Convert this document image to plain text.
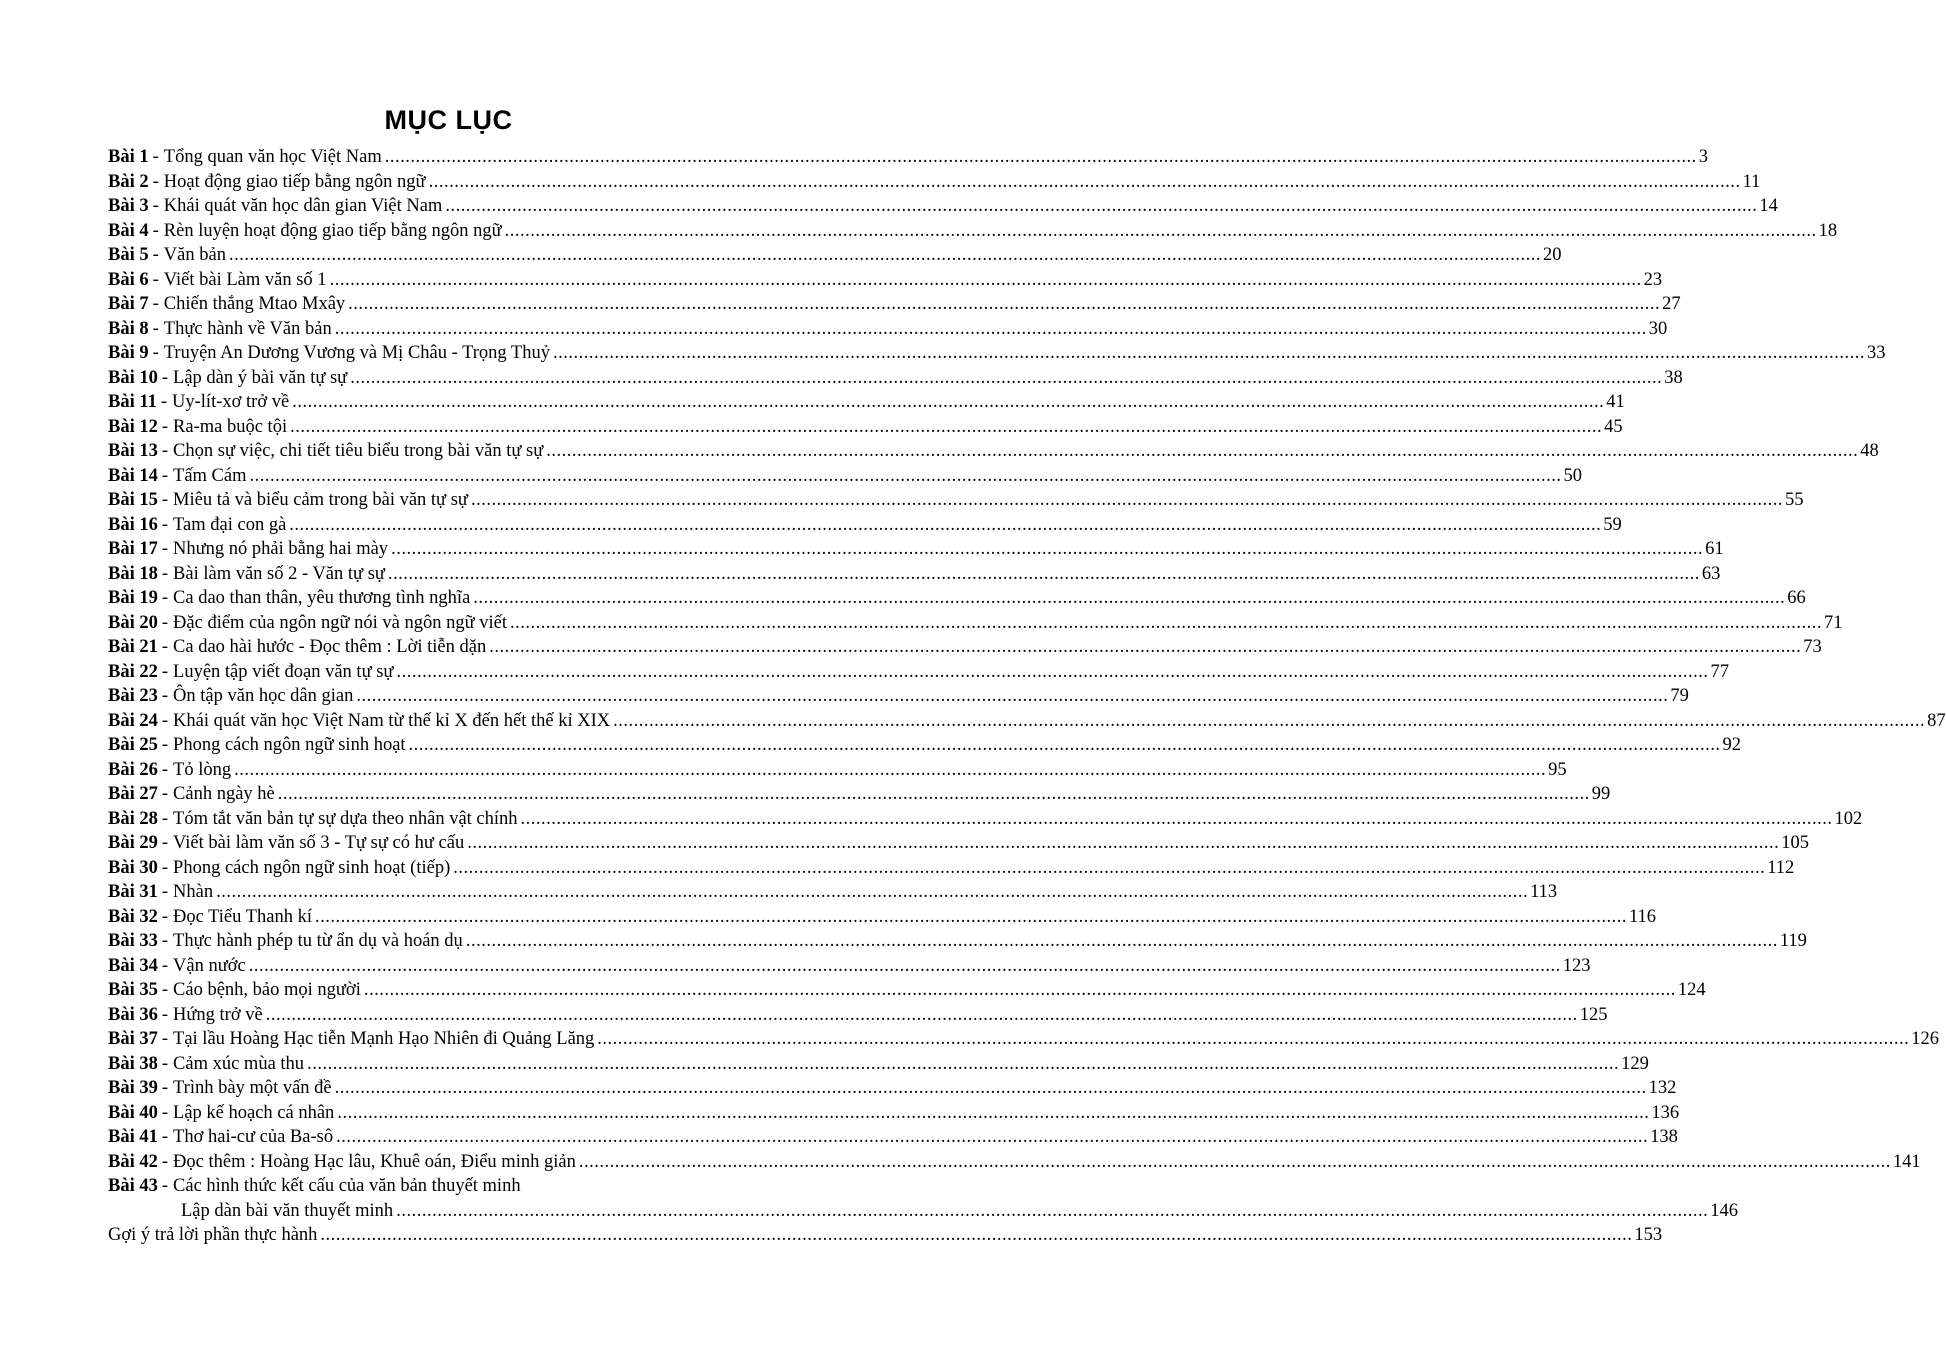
MỤC LỤC
Bài 1 - Tổng quan văn học Việt Nam .....	3
Bài 2 - Hoạt động giao tiếp bằng ngôn ngữ .....	11
Bài 3 - Khái quát văn học dân gian Việt Nam .....	14
Bài 4 - Rèn luyện hoạt động giao tiếp bằng ngôn ngữ .....	18
Bài 5 - Văn bản .....	20
Bài 6 - Viết bài Làm văn số 1 .....	23
Bài 7 - Chiến thắng Mtao Mxây .....	27
Bài 8 - Thực hành về Văn bản .....	30
Bài 9 - Truyện An Dương Vương và Mị Châu - Trọng Thuỷ .....	33
Bài 10 - Lập dàn ý bài văn tự sự .....	38
Bài 11 - Uy-lít-xơ trở về .....	41
Bài 12 - Ra-ma buộc tội .....	45
Bài 13 - Chọn sự việc, chi tiết tiêu biểu trong bài văn tự sự .....	48
Bài 14 - Tấm Cám .....	50
Bài 15 - Miêu tả và biểu cảm trong bài văn tự sự .....	55
Bài 16 - Tam đại con gà .....	59
Bài 17 - Nhưng nó phải bằng hai mày .....	61
Bài 18 - Bài làm văn số 2 - Văn tự sự .....	63
Bài 19 - Ca dao than thân, yêu thương tình nghĩa .....	66
Bài 20 - Đặc điểm của ngôn ngữ nói và ngôn ngữ viết .....	71
Bài 21 - Ca dao hài hước - Đọc thêm : Lời tiễn dặn .....	73
Bài 22 - Luyện tập viết đoạn văn tự sự .....	77
Bài 23 - Ôn tập văn học dân gian .....	79
Bài 24 - Khái quát văn học Việt Nam từ thế kỉ X đến hết thế kỉ XIX .....	87
Bài 25 - Phong cách ngôn ngữ sinh hoạt .....	92
Bài 26 - Tỏ lòng .....	95
Bài 27 - Cảnh ngày hè .....	99
Bài 28 - Tóm tắt văn bản tự sự dựa theo nhân vật chính .....	102
Bài 29 - Viết bài làm văn số 3 - Tự sự có hư cấu .....	105
Bài 30 - Phong cách ngôn ngữ sinh hoạt (tiếp) .....	112
Bài 31 - Nhàn .....	113
Bài 32 - Đọc Tiểu Thanh kí .....	116
Bài 33 - Thực hành phép tu từ ẩn dụ và hoán dụ .....	119
Bài 34 - Vận nước .....	123
Bài 35 - Cáo bệnh, bảo mọi người .....	124
Bài 36 - Hứng trở về .....	125
Bài 37 - Tại lầu Hoàng Hạc tiễn Mạnh Hạo Nhiên đi Quảng Lăng .....	126
Bài 38 - Cảm xúc mùa thu .....	129
Bài 39 - Trình bày một vấn đề .....	132
Bài 40 - Lập kế hoạch cá nhân .....	136
Bài 41 - Thơ hai-cư của Ba-sô .....	138
Bài 42 - Đọc thêm : Hoàng Hạc lâu, Khuê oán, Điểu minh giản .....	141
Bài 43 - Các hình thức kết cấu của văn bản thuyết minh
Lập dàn bài văn thuyết minh .....	146
Gợi ý trả lời phần thực hành .....	153
